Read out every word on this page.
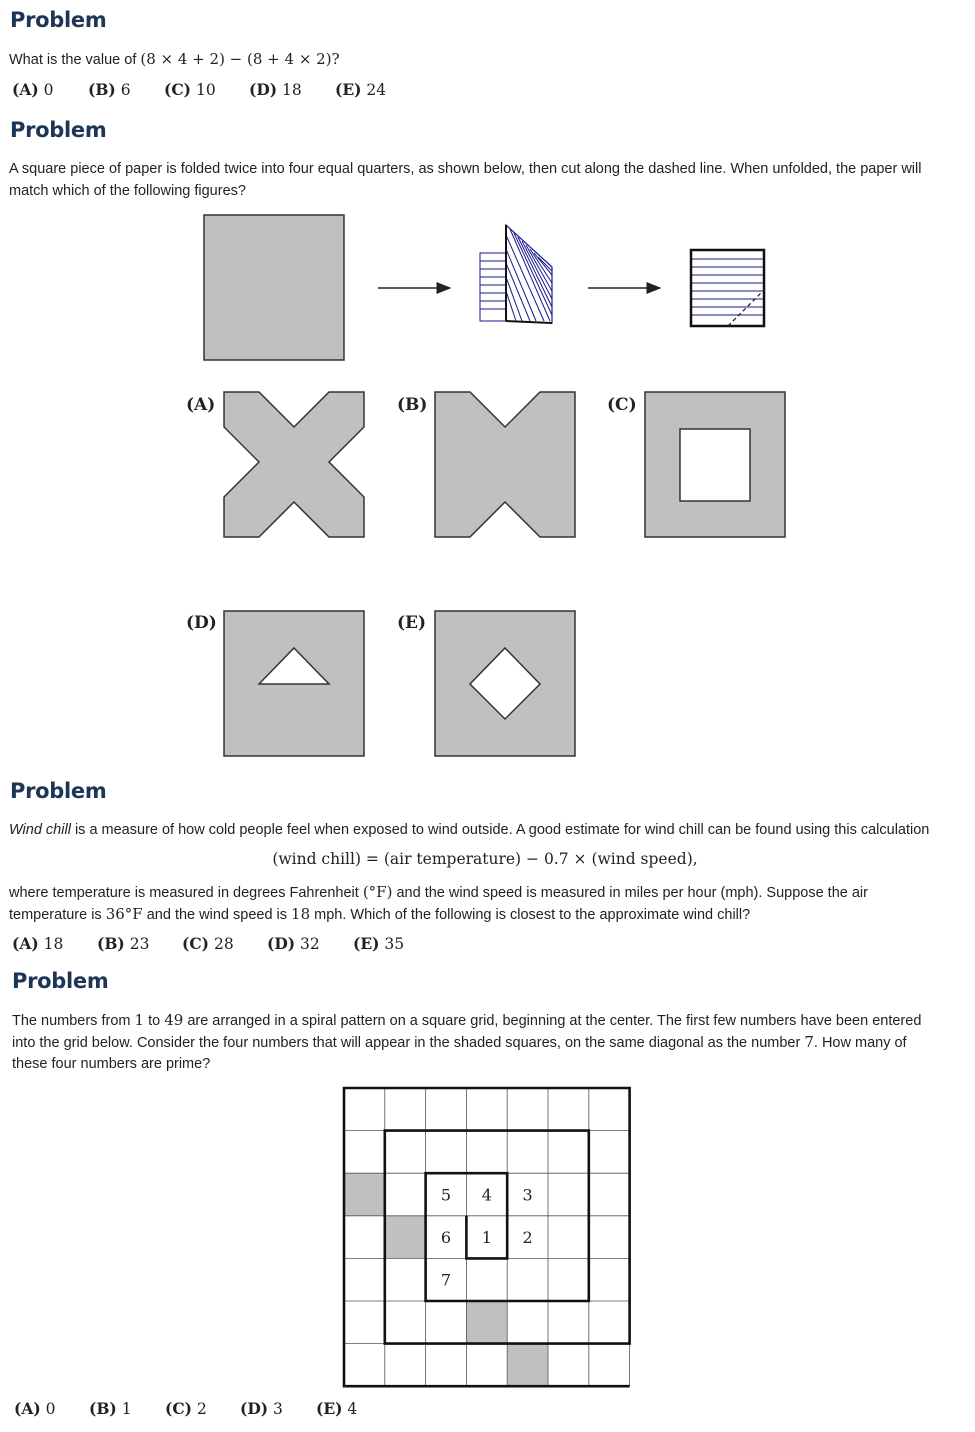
Problem
What is the value of (8 × 4 + 2) − (8 + 4 × 2)?
(A) 0 (B) 6 (C) 10 (D) 18 (E) 24
Problem
A square piece of paper is folded twice into four equal quarters, as shown below, then cut along the dashed line. When unfolded, the paper will
match which of the following figures?
(A)	(B)	(C)
(D)	(E)
Problem
Wind chill is a measure of how cold people feel when exposed to wind outside. A good estimate for wind chill can be found using this calculation
(wind chill) = (air temperature) − 0.7 × (wind speed),
where temperature is measured in degrees Fahrenheit (°F) and the wind speed is measured in miles per hour (mph). Suppose the air
temperature is 36°F and the wind speed is 18 mph. Which of the following is closest to the approximate wind chill?
(A) 18 (B) 23 (C) 28 (D) 32 (E) 35
Problem
The numbers from 1 to 49 are arranged in a spiral pattern on a square grid, beginning at the center. The first few numbers have been entered
into the grid below. Consider the four numbers that will appear in the shaded squares, on the same diagonal as the number 7. How many of
these four numbers are prime?
5 4 3
6 1 2
7
(A) 0 (B) 1 (C) 2 (D) 3 (E) 4
